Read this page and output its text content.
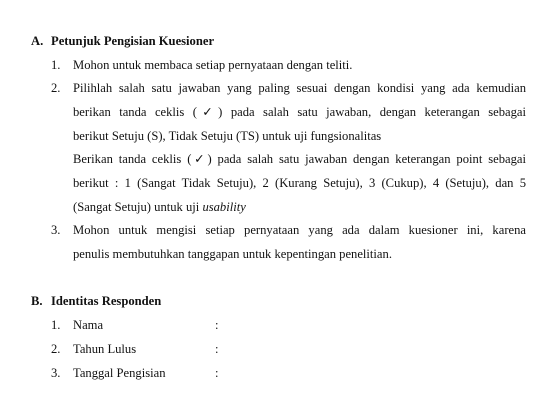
A. Petunjuk Pengisian Kuesioner
1. Mohon untuk membaca setiap pernyataan dengan teliti.
2. Pilihlah salah satu jawaban yang paling sesuai dengan kondisi yang ada kemudian
berikan tanda ceklis (✓) pada salah satu jawaban, dengan keterangan sebagai
berikut Setuju (S), Tidak Setuju (TS) untuk uji fungsionalitas
Berikan tanda ceklis (✓) pada salah satu jawaban dengan keterangan point sebagai
berikut : 1 (Sangat Tidak Setuju), 2 (Kurang Setuju), 3 (Cukup), 4 (Setuju), dan 5
(Sangat Setuju) untuk uji usability
3. Mohon untuk mengisi setiap pernyataan yang ada dalam kuesioner ini, karena
penulis membutuhkan tanggapan untuk kepentingan penelitian.
B. Identitas Responden
1. Nama	:
2. Tahun Lulus	:
3. Tanggal Pengisian	:
